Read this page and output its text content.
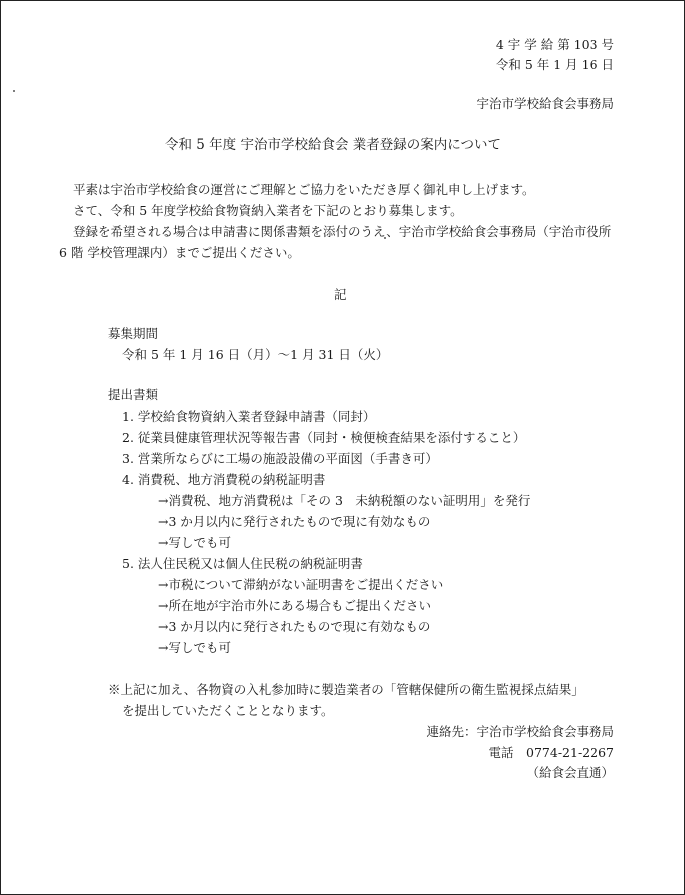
4 宇 学 給 第 103 号
令和 5 年 1 月 16 日
宇治市学校給食会事務局
令和 5 年度 宇治市学校給食会 業者登録の案内について
平素は宇治市学校給食の運営にご理解とご協力をいただき厚く御礼申し上げます。
さて、令和 5 年度学校給食物資納入業者を下記のとおり募集します。
登録を希望される場合は申請書に関係書類を添付のうえ、宇治市学校給食会事務局（宇治市役所
6 階 学校管理課内）までご提出ください。
記
募集期間
令和 5 年 1 月 16 日（月）～1 月 31 日（火）
提出書類
1. 学校給食物資納入業者登録申請書（同封）
2. 従業員健康管理状況等報告書（同封・検便検査結果を添付すること）
3. 営業所ならびに工場の施設設備の平面図（手書き可）
4. 消費税、地方消費税の納税証明書
→消費税、地方消費税は「その 3　未納税額のない証明用」を発行
→3 か月以内に発行されたもので現に有効なもの
→写しでも可
5. 法人住民税又は個人住民税の納税証明書
→市税について滞納がない証明書をご提出ください
→所在地が宇治市外にある場合もご提出ください
→3 か月以内に発行されたもので現に有効なもの
→写しでも可
※上記に加え、各物資の入札参加時に製造業者の「管轄保健所の衛生監視採点結果」
を提出していただくこととなります。
連絡先：宇治市学校給食会事務局
電話　0774-21-2267
（給食会直通）
